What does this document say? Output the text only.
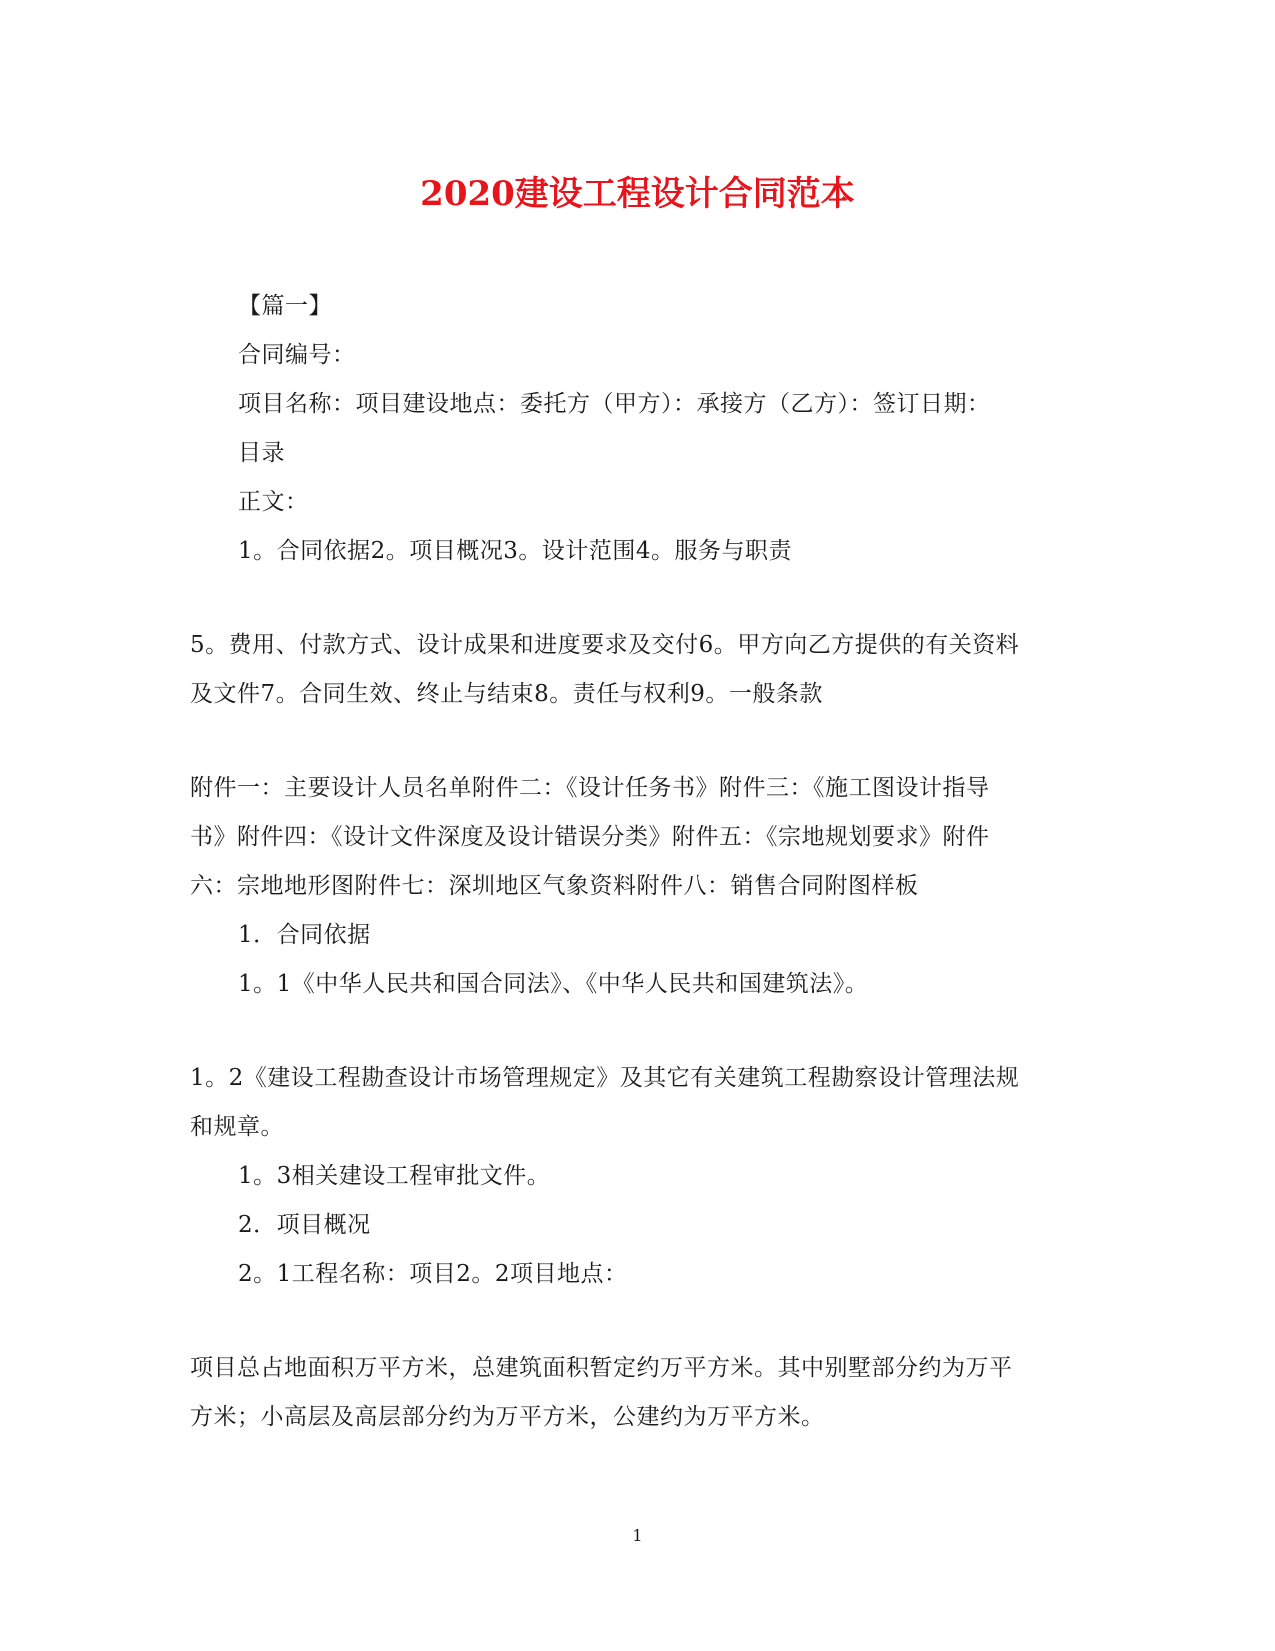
2020建设工程设计合同范本

【篇一】

合同编号：

项目名称：项目建设地点：委托方（甲方）：承接方（乙方）：签订日期：

目录

正文：

1。合同依据2。项目概况3。设计范围4。服务与职责

5。费用、付款方式、设计成果和进度要求及交付6。甲方向乙方提供的有关资料

及文件7。合同生效、终止与结束8。责任与权利9。一般条款

附件一：主要设计人员名单附件二：《设计任务书》附件三：《施工图设计指导

书》附件四：《设计文件深度及设计错误分类》附件五：《宗地规划要求》附件

六：宗地地形图附件七：深圳地区气象资料附件八：销售合同附图样板

1．合同依据

1。1《中华人民共和国合同法》、《中华人民共和国建筑法》。

1。2《建设工程勘查设计市场管理规定》及其它有关建筑工程勘察设计管理法规

和规章。

1。3相关建设工程审批文件。

2．项目概况

2。1工程名称：项目2。2项目地点：

项目总占地面积万平方米，总建筑面积暂定约万平方米。其中别墅部分约为万平

方米；小高层及高层部分约为万平方米，公建约为万平方米。

1
